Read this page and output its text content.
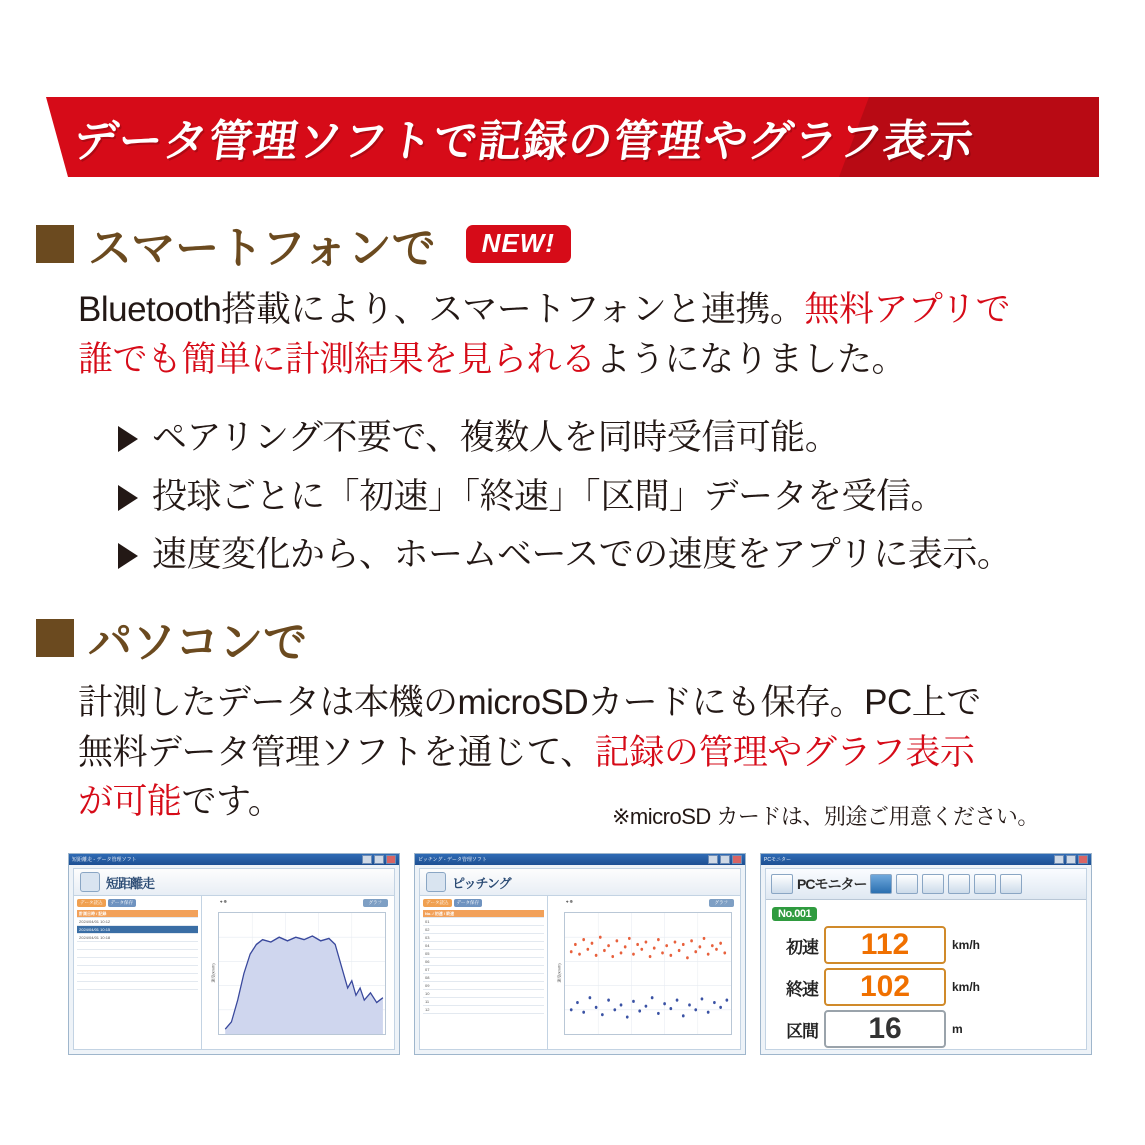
データ管理ソフトで記録の管理やグラフ表示
スマートフォンで	NEW!
Bluetooth搭載により、スマートフォンと連携。無料アプリで
誰でも簡単に計測結果を見られるようになりました。
ペアリング不要で、複数人を同時受信可能。
投球ごとに「初速」「終速」「区間」データを受信。
速度変化から、ホームベースでの速度をアプリに表示。
パソコンで
計測したデータは本機のmicroSDカードにも保存。PC上で
無料データ管理ソフトを通じて、記録の管理やグラフ表示
が可能です。	※microSD カードは、別途ご用意ください。
短距離走 - データ管理ソフト
短距離走
データ読込	データ保存
計測日時 / 記録
2024/04/01 10:12
2024/04/01 10:15
2024/04/01 10:18
⌖ ⊕	グラフ
速度(km/h)
ピッチング - データ管理ソフト
ピッチング
データ読込	データ保存
No. / 初速 / 終速
01
02
03
04
05
06
07
08
09
10
11
12
⌖ ⊕	グラフ
速度(km/h)
PCモニター
PCモニター
No.001
初速	112	km/h
終速	102	km/h
区間	16	m
